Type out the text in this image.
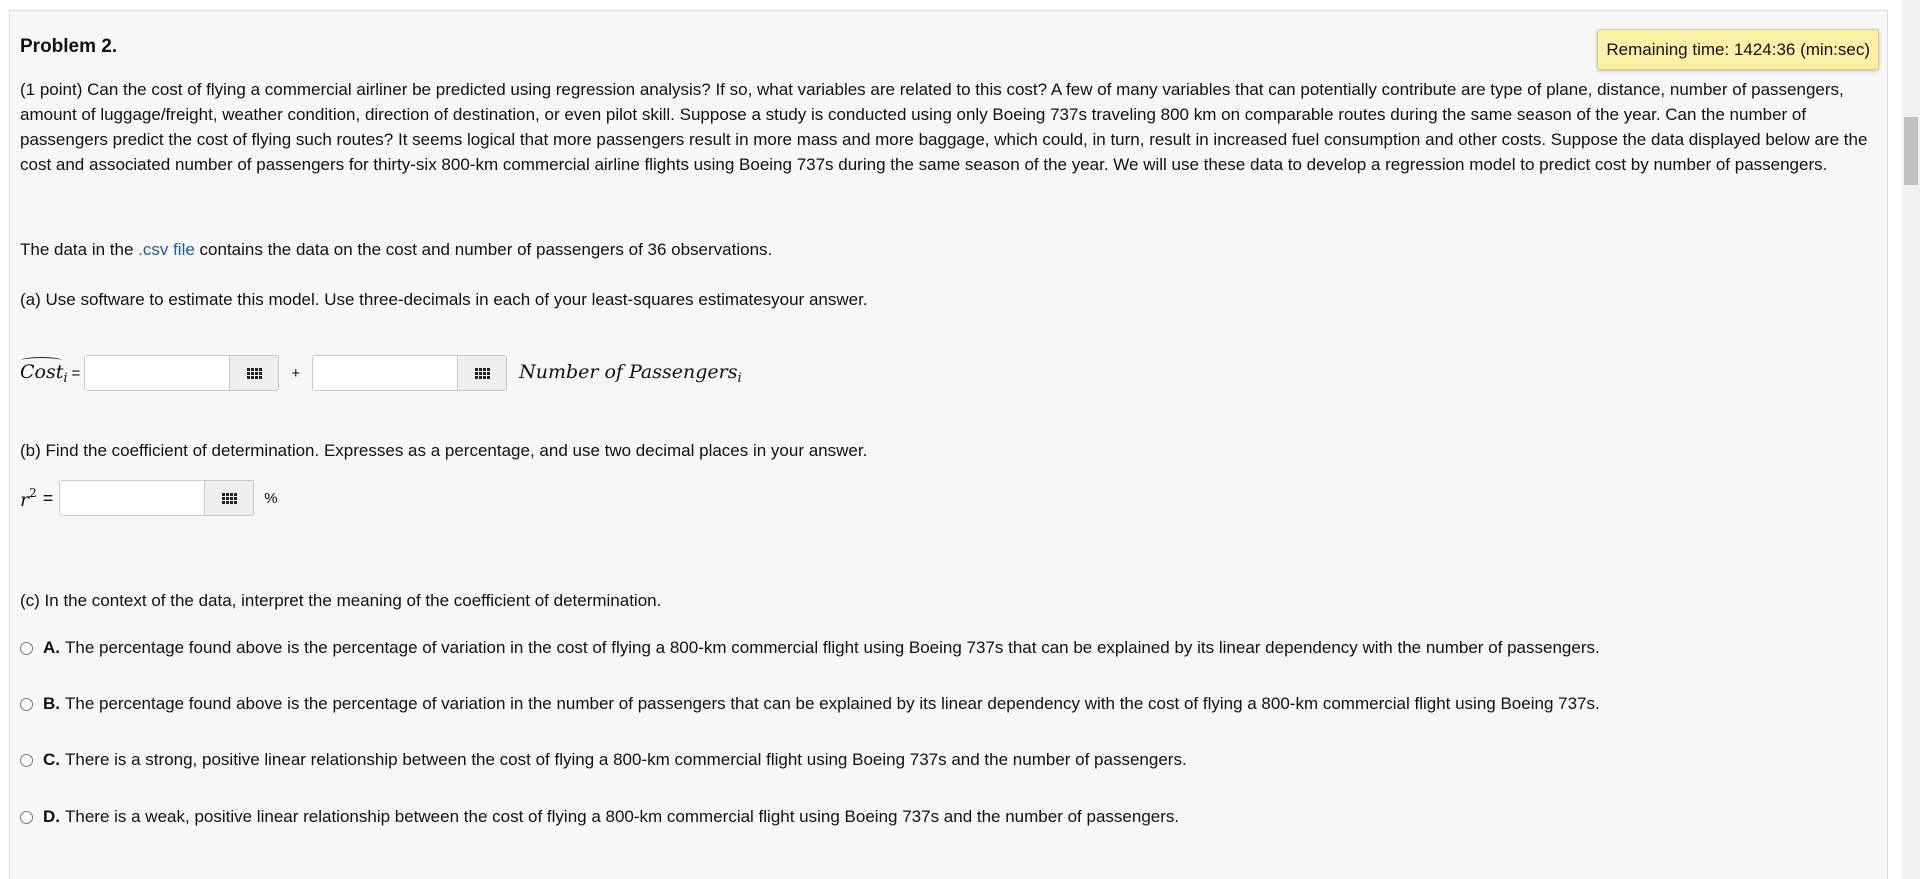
Problem 2.	Remaining time: 1424:36 (min:sec)
(1 point) Can the cost of flying a commercial airliner be predicted using regression analysis? If so, what variables are related to this cost? A few of many variables that can potentially contribute are type of plane, distance, number of passengers, amount of luggage/freight, weather condition, direction of destination, or even pilot skill. Suppose a study is conducted using only Boeing 737s traveling 800 km on comparable routes during the same season of the year. Can the number of passengers predict the cost of flying such routes? It seems logical that more passengers result in more mass and more baggage, which could, in turn, result in increased fuel consumption and other costs. Suppose the data displayed below are the cost and associated number of passengers for thirty-six 800-km commercial airline flights using Boeing 737s during the same season of the year. We will use these data to develop a regression model to predict cost by number of passengers.
The data in the .csv file contains the data on the cost and number of passengers of 36 observations.
(a) Use software to estimate this model. Use three-decimals in each of your least-squares estimatesyour answer.
Cost$_i$ =	+	Number of Passengers$_i$
(b) Find the coefficient of determination. Expresses as a percentage, and use two decimal places in your answer.
$r^2$ =	%
(c) In the context of the data, interpret the meaning of the coefficient of determination.
A. The percentage found above is the percentage of variation in the cost of flying a 800-km commercial flight using Boeing 737s that can be explained by its linear dependency with the number of passengers.
B. The percentage found above is the percentage of variation in the number of passengers that can be explained by its linear dependency with the cost of flying a 800-km commercial flight using Boeing 737s.
C. There is a strong, positive linear relationship between the cost of flying a 800-km commercial flight using Boeing 737s and the number of passengers.
D. There is a weak, positive linear relationship between the cost of flying a 800-km commercial flight using Boeing 737s and the number of passengers.
